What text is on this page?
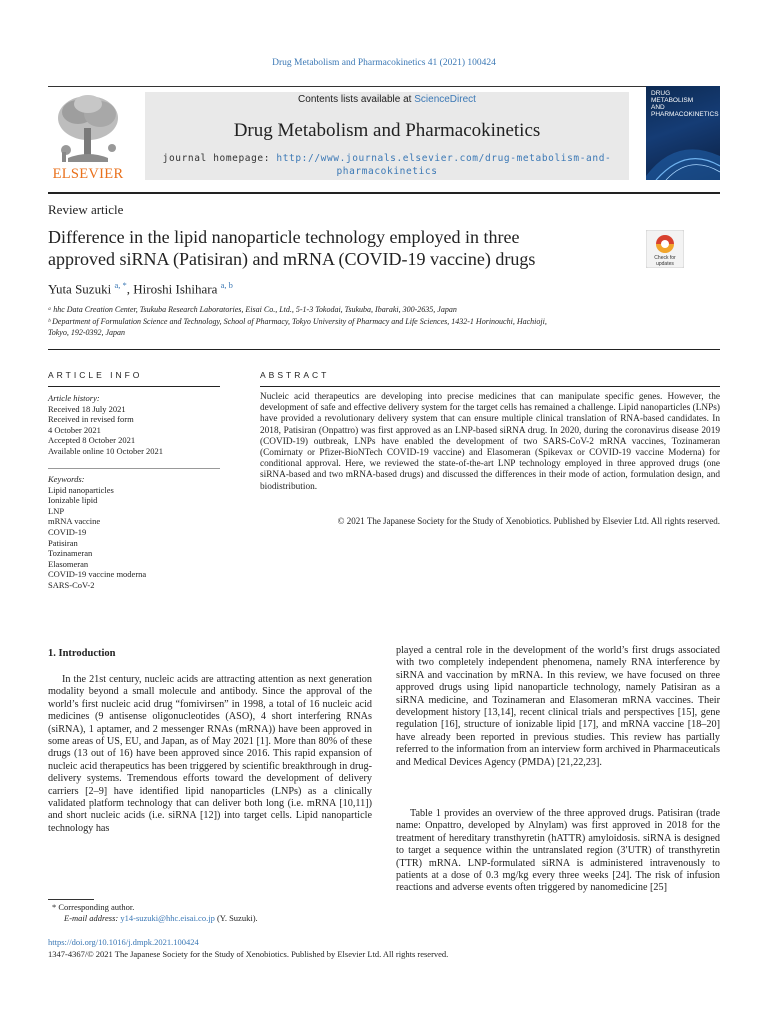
Drug Metabolism and Pharmacokinetics 41 (2021) 100424
ELSEVIER
Contents lists available at ScienceDirect
Drug Metabolism and Pharmacokinetics
journal homepage: http://www.journals.elsevier.com/drug-metabolism-and-
pharmacokinetics
DRUG
METABOLISM
AND
PHARMACOKINETICS
Review article
Difference in the lipid nanoparticle technology employed in three
approved siRNA (Patisiran) and mRNA (COVID-19 vaccine) drugs	Check for
updates
Yuta Suzuki $^{a, *}$, Hiroshi Ishihara $^{a, b}$
ᵃ hhc Data Creation Center, Tsukuba Research Laboratories, Eisai Co., Ltd., 5-1-3 Tokodai, Tsukuba, Ibaraki, 300-2635, Japan
ᵇ Department of Formulation Science and Technology, School of Pharmacy, Tokyo University of Pharmacy and Life Sciences, 1432-1 Horinouchi, Hachioji,
Tokyo, 192-0392, Japan
ARTICLE INFO
Article history:
Received 18 July 2021
Received in revised form
4 October 2021
Accepted 8 October 2021
Available online 10 October 2021
Keywords:
Lipid nanoparticles
Ionizable lipid
LNP
mRNA vaccine
COVID-19
Patisiran
Tozinameran
Elasomeran
COVID-19 vaccine moderna
SARS-CoV-2
ABSTRACT
Nucleic acid therapeutics are developing into precise medicines that can manipulate specific genes. However, the development of safe and effective delivery system for the target cells has remained a challenge. Lipid nanoparticles (LNPs) have provided a revolutionary delivery system that can ensure multiple clinical translation of RNA-based candidates. In 2018, Patisiran (Onpattro) was first approved as an LNP-based siRNA drug. In 2020, during the coronavirus disease 2019 (COVID-19) outbreak, LNPs have enabled the development of two SARS-CoV-2 mRNA vaccines, Tozinameran (Comirnaty or Pfizer-BioNTech COVID-19 vaccine) and Elasomeran (Spikevax or COVID-19 vaccine Moderna) for conditional approval. Here, we reviewed the state-of-the-art LNP technology employed in three approved drugs (one siRNA-based and two mRNA-based drugs) and discussed the differences in their mode of action, formulation design, and biodistribution.
© 2021 The Japanese Society for the Study of Xenobiotics. Published by Elsevier Ltd. All rights reserved.
1. Introduction
In the 21st century, nucleic acids are attracting attention as next generation modality beyond a small molecule and antibody. Since the approval of the world’s first nucleic acid drug “fomivirsen” in 1998, a total of 16 nucleic acid medicines (9 antisense oligonucleotides (ASO), 4 short interfering RNAs (siRNA), 1 aptamer, and 2 messenger RNAs (mRNA)) have been approved in some areas of US, EU, and Japan, as of May 2021 [1]. More than 80% of these drugs (13 out of 16) have been approved since 2016. This rapid expansion of nucleic acid therapeutics has been triggered by scientific breakthrough in drug-delivery systems. Tremendous efforts toward the development of delivery carriers [2–9] have identified lipid nanoparticles (LNPs) as a clinically validated platform technology that can deliver both long (i.e. mRNA [10,11]) and short nucleic acids (i.e. siRNA [12]) into target cells. Lipid nanoparticle technology has
played a central role in the development of the world’s first drugs associated with two completely independent phenomena, namely RNA interference by siRNA and vaccination by mRNA. In this review, we have focused on three approved drugs using lipid nanoparticle technology, namely Patisiran as a siRNA medicine, and Tozinameran and Elasomeran mRNA vaccines. Their development history [13,14], recent clinical trials and perspectives [15], gene regulation [16], structure of ionizable lipid [17], and mRNA vaccine [18–20] have already been reported in previous studies. This review has partially referred to the information from an interview form archived in Pharmaceuticals and Medical Devices Agency (PMDA) [21,22,23].
Table 1 provides an overview of the three approved drugs. Patisiran (trade name: Onpattro, developed by Alnylam) was first approved in 2018 for the treatment of hereditary transthyretin (hATTR) amyloidosis. siRNA is designed to target a sequence within the untranslated region (3′UTR) of transthyretin (TTR) mRNA. LNP-formulated siRNA is administered intravenously to patients at a dose of 0.3 mg/kg every three weeks [24]. The risk of infusion reactions and adverse events often triggered by nanomedicine [25]
* Corresponding author.
E-mail address: y14-suzuki@hhc.eisai.co.jp (Y. Suzuki).
https://doi.org/10.1016/j.dmpk.2021.100424
1347-4367/© 2021 The Japanese Society for the Study of Xenobiotics. Published by Elsevier Ltd. All rights reserved.
